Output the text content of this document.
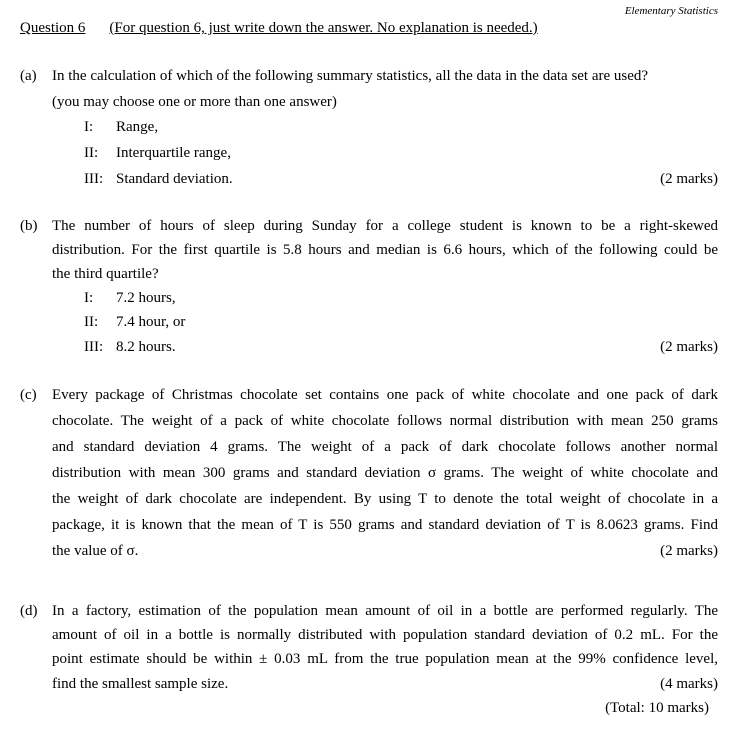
Elementary Statistics
Question 6 (For question 6, just write down the answer. No explanation is needed.)
(a) In the calculation of which of the following summary statistics, all the data in the data set are used?
(you may choose one or more than one answer)
I: Range,
II: Interquartile range,
III: Standard deviation.	(2 marks)
(b) The number of hours of sleep during Sunday for a college student is known to be a right-skewed
distribution. For the first quartile is 5.8 hours and median is 6.6 hours, which of the following could be
the third quartile?
I: 7.2 hours,
II: 7.4 hour, or
III: 8.2 hours.	(2 marks)
(c) Every package of Christmas chocolate set contains one pack of white chocolate and one pack of dark
chocolate. The weight of a pack of white chocolate follows normal distribution with mean 250 grams
and standard deviation 4 grams. The weight of a pack of dark chocolate follows another normal
distribution with mean 300 grams and standard deviation σ grams. The weight of white chocolate and
the weight of dark chocolate are independent. By using T to denote the total weight of chocolate in a
package, it is known that the mean of T is 550 grams and standard deviation of T is 8.0623 grams. Find
the value of σ.	(2 marks)
(d) In a factory, estimation of the population mean amount of oil in a bottle are performed regularly. The
amount of oil in a bottle is normally distributed with population standard deviation of 0.2 mL. For the
point estimate should be within ± 0.03 mL from the true population mean at the 99% confidence level,
find the smallest sample size.	(4 marks)
(Total: 10 marks)
